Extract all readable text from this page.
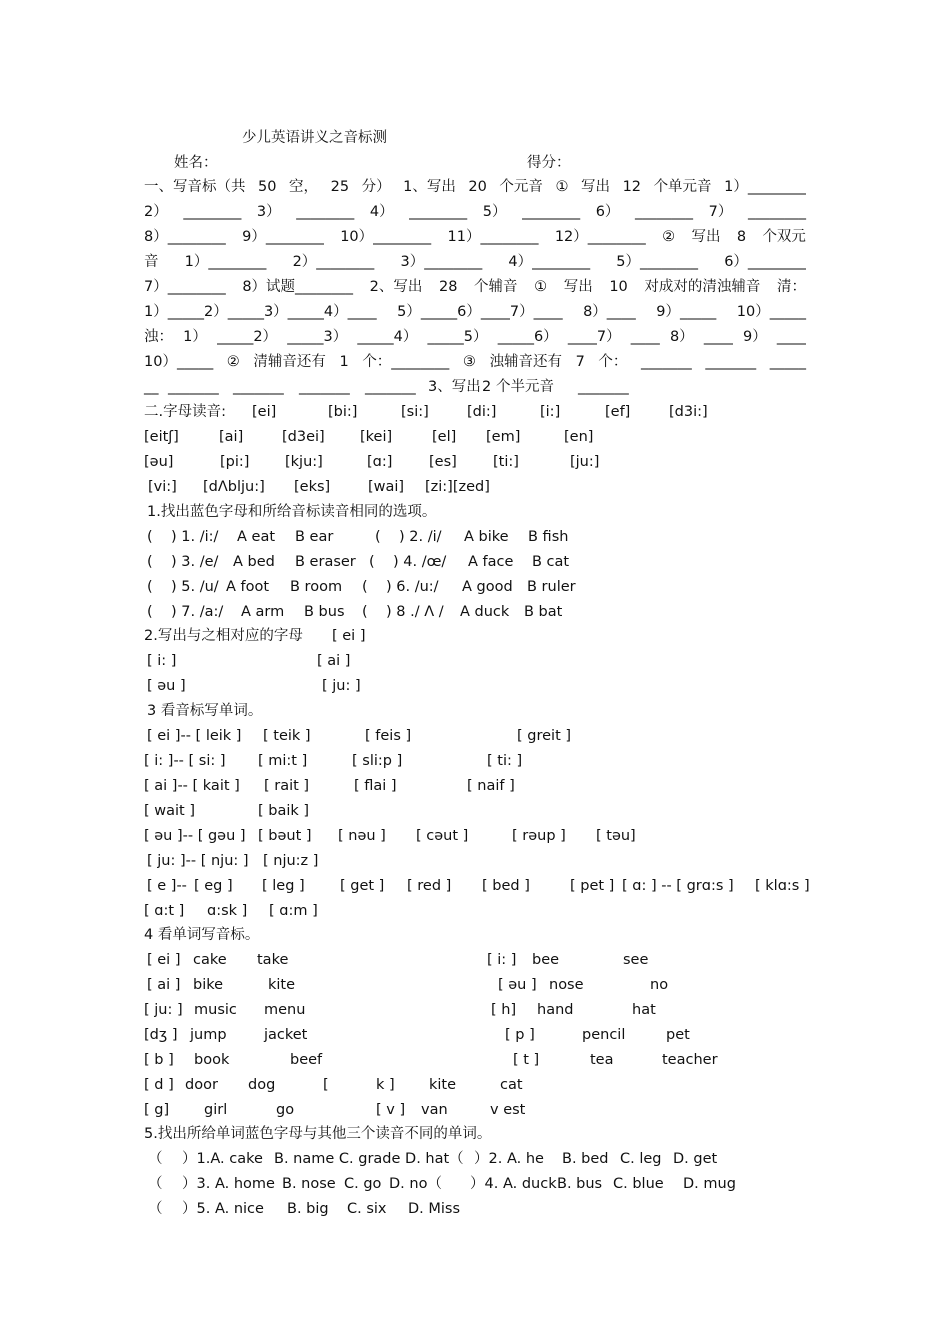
少儿英语讲义之音标测
姓名：	得分：
一、写音标（共 50 空， 25 分） 1、写出 20 个元音 ① 写出 12 个单元音 1）________
2） ________ 3） ________ 4） ________ 5） ________ 6） ________ 7） ________
8）________ 9）________ 10）________ 11）________ 12）________ ② 写出 8 个双元
音 1）________ 2）________ 3）________ 4）________ 5）________ 6）________
7）________ 8）试题________ 2、写出 28 个辅音 ① 写出 10 对成对的清浊辅音 清：
1）_____2）_____3）_____4）____ 5）_____6）____7）____ 8）____ 9）_____ 10）_____
浊： 1） _____2） _____3） _____4） _____5） _____6） ____7） ____ 8） ____ 9） ____
10）_____ ② 清辅音还有 1 个：________ ③ 浊辅音还有 7 个： _______ _______ _____
__ _______ _______ _______ _______ 3、写出 2 个半元音 _______
二.字母读音: [ei]	[bi:]	[si:]	[di:]	[i:]	[ef]	[d3i:]
[eitʃ]	[ai]	[d3ei] [kei]	[el] [em]	[en]
[əu]	[pi:] [kju:]	[ɑ:]	[es] [ti:]	[ju:]
[vi:] [dΛblju:] [eks]	[wai] [zi:][zed]
1.找出蓝色字母和所给音标读音相同的选项。
( ) 1. /i:/ A eat B ear	( ) 2. /i/ A bike B fish
( ) 3. /e/ A bed B eraser ( ) 4. /œ/ A face B cat
( ) 5. /u/ A foot B room ( ) 6. /u:/ A good B ruler
( ) 7. /a:/ A arm B bus ( ) 8 ./ Λ / A duck B bat
2.写出与之相对应的字母 [ ei ]
[ i: ]	[ ai ]
[ əu ]	[ ju: ]
3 看音标写单词。
[ ei ]-- [ leik ] [ teik ]	[ feis ]	[ greit ]
[ i: ]-- [ si: ] [ mi:t ]	[ sli:p ]	[ ti: ]
[ ai ]-- [ kait ] [ rait ]	[ flai ]	[ naif ]
[ wait ]	[ baik ]
[ əu ]-- [ gəu ] [ bəut ] [ nəu ] [ cəut ]	[ rəup ] [ təu]
[ ju: ]-- [ nju: ] [ nju:z ]
[ e ]-- [ eg ] [ leg ] [ get ] [ red ] [ bed ]	[ pet ] [ ɑ: ] -- [ grɑ:s ] [ klɑ:s ]
[ ɑ:t ] ɑ:sk ] [ ɑ:m ]
4 看单词写音标。
[ ei ] cake take	[ i: ] bee	see
[ ai ] bike	kite	[ əu ] nose	no
[ ju: ] music menu	[ h] hand	hat
[dʒ ] jump	jacket	[ p ]	pencil	pet
[ b ] book	beef	[ t ]	tea	teacher
[ d ] door dog	[	k ] kite	cat
[ g] girl	go	[ v ] van	v est
5.找出所给单词蓝色字母与其他三个读音不同的单词。
（ ）1.A. cake B. name C. grade D. hat（ ）2. A. he B. bed C. leg D. get
（ ）3. A. home B. nose C. go D. no（ ）4. A. duck B. bus C. blue D. mug
（ ）5. A. nice B. big C. six D. Miss
